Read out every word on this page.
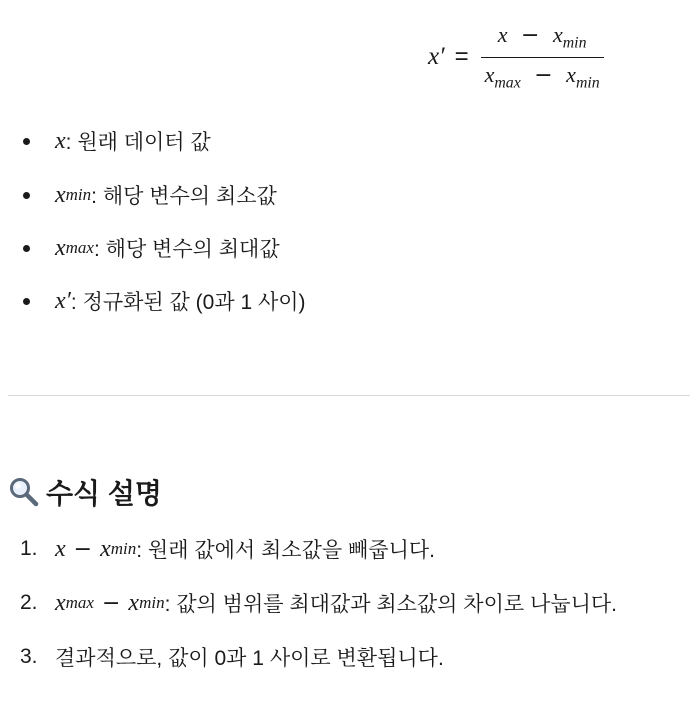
$x' = \frac{x - x_{min}}{x_{max} - x_{min}}$
x : 원래 데이터 값
x min : 해당 변수의 최소값
x max : 해당 변수의 최대값
x ′ : 정규화된 값 (0과 1 사이)
수식 설명
1. x − x min : 원래 값에서 최소값을 빼줍니다.
2. x max − x min : 값의 범위를 최대값과 최소값의 차이로 나눕니다.
3. 결과적으로, 값이 0과 1 사이로 변환됩니다.
